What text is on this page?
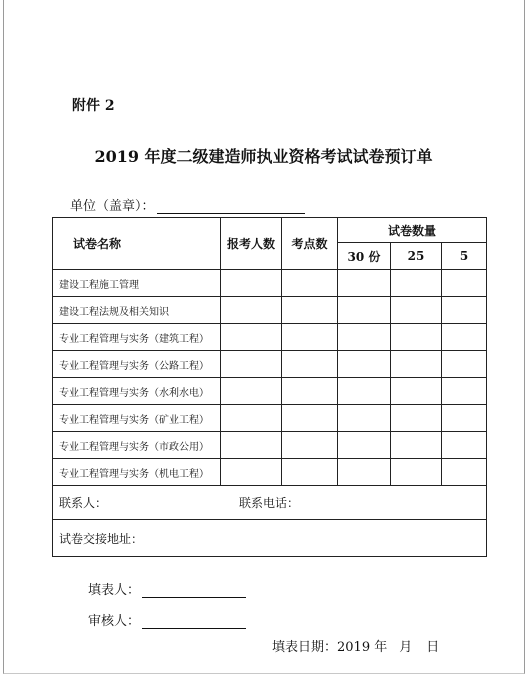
附件 2
2019 年度二级建造师执业资格考试试卷预订单
单位（盖章）：
试卷名称	报考人数	考点数	试卷数量		
			30 份	25	5
建设工程施工管理					
建设工程法规及相关知识					
专业工程管理与实务（建筑工程）					
专业工程管理与实务（公路工程）					
专业工程管理与实务（水利水电）					
专业工程管理与实务（矿业工程）					
专业工程管理与实务（市政公用）					
专业工程管理与实务（机电工程）					
联系人： 联系电话：					
试卷交接地址：					
填表人：
审核人：
填表日期：2019 年 月 日
